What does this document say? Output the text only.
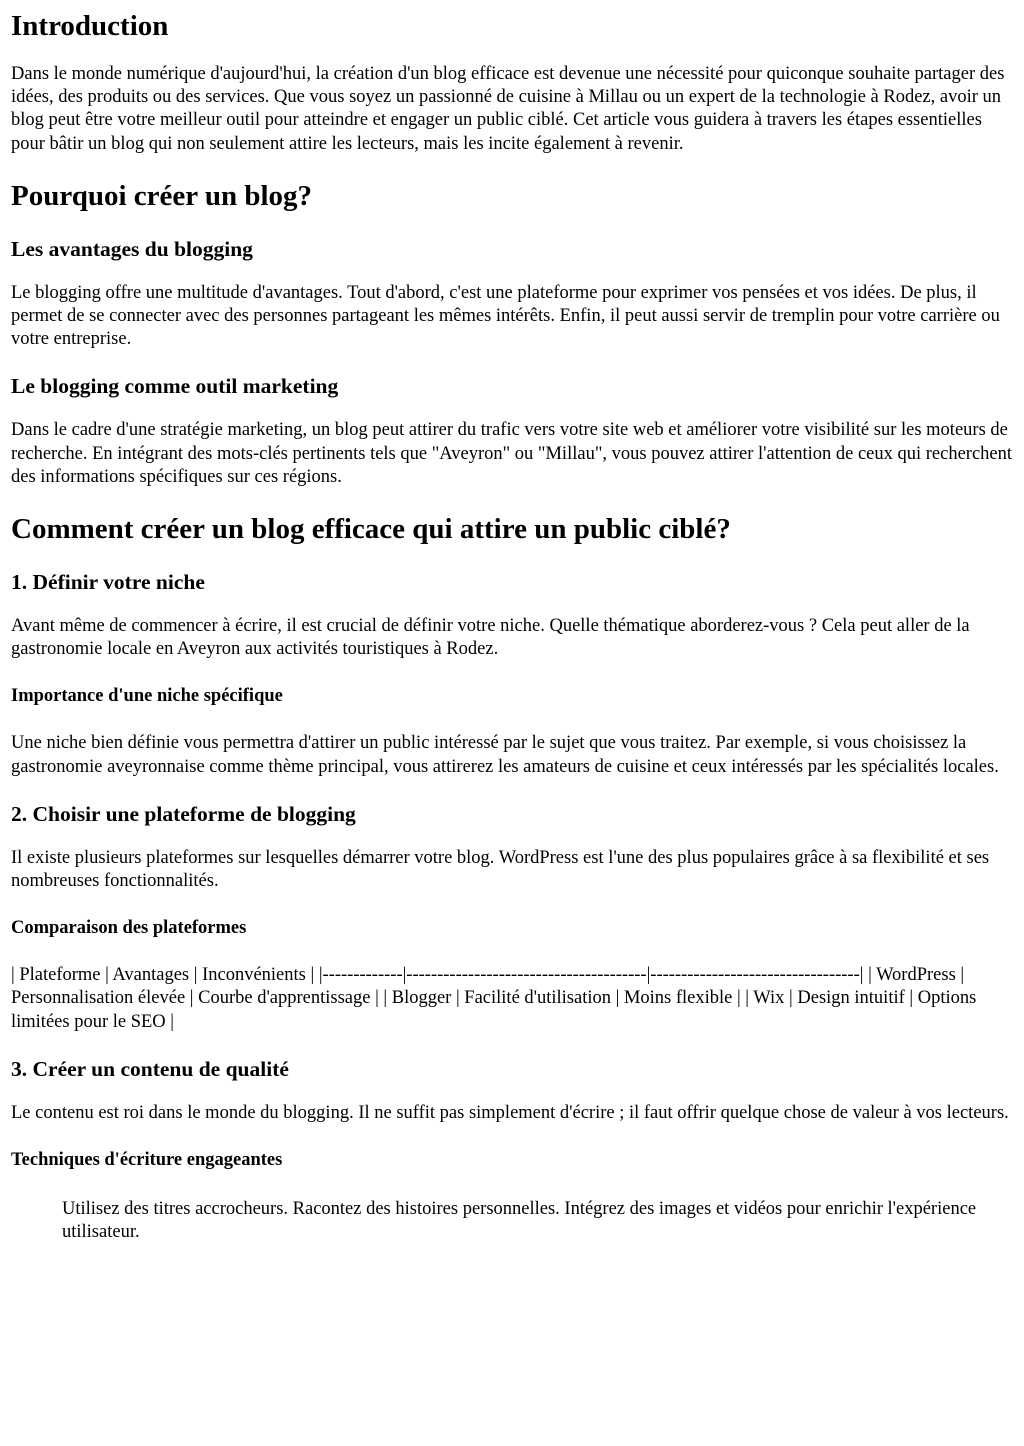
Introduction

Dans le monde numérique d'aujourd'hui, la création d'un blog efficace est devenue une nécessité pour quiconque souhaite partager des idées, des produits ou des services. Que vous soyez un passionné de cuisine à Millau ou un expert de la technologie à Rodez, avoir un blog peut être votre meilleur outil pour atteindre et engager un public ciblé. Cet article vous guidera à travers les étapes essentielles pour bâtir un blog qui non seulement attire les lecteurs, mais les incite également à revenir.

Pourquoi créer un blog?
Les avantages du blogging

Le blogging offre une multitude d'avantages. Tout d'abord, c'est une plateforme pour exprimer vos pensées et vos idées. De plus, il permet de se connecter avec des personnes partageant les mêmes intérêts. Enfin, il peut aussi servir de tremplin pour votre carrière ou votre entreprise.

Le blogging comme outil marketing

Dans le cadre d'une stratégie marketing, un blog peut attirer du trafic vers votre site web et améliorer votre visibilité sur les moteurs de recherche. En intégrant des mots-clés pertinents tels que "Aveyron" ou "Millau", vous pouvez attirer l'attention de ceux qui recherchent des informations spécifiques sur ces régions.

Comment créer un blog efficace qui attire un public ciblé?
1. Définir votre niche

Avant même de commencer à écrire, il est crucial de définir votre niche. Quelle thématique aborderez-vous ? Cela peut aller de la gastronomie locale en Aveyron aux activités touristiques à Rodez.

Importance d'une niche spécifique

Une niche bien définie vous permettra d'attirer un public intéressé par le sujet que vous traitez. Par exemple, si vous choisissez la gastronomie aveyronnaise comme thème principal, vous attirerez les amateurs de cuisine et ceux intéressés par les spécialités locales.

2. Choisir une plateforme de blogging

Il existe plusieurs plateformes sur lesquelles démarrer votre blog. WordPress est l'une des plus populaires grâce à sa flexibilité et ses nombreuses fonctionnalités.

Comparaison des plateformes

| Plateforme | Avantages | Inconvénients | |-------------|---------------------------------------|----------------------------------| | WordPress | Personnalisation élevée | Courbe d'apprentissage | | Blogger | Facilité d'utilisation | Moins flexible | | Wix | Design intuitif | Options limitées pour le SEO |

3. Créer un contenu de qualité

Le contenu est roi dans le monde du blogging. Il ne suffit pas simplement d'écrire ; il faut offrir quelque chose de valeur à vos lecteurs.

Techniques d'écriture engageantes
Utilisez des titres accrocheurs. Racontez des histoires personnelles. Intégrez des images et vidéos pour enrichir l'expérience utilisateur.
